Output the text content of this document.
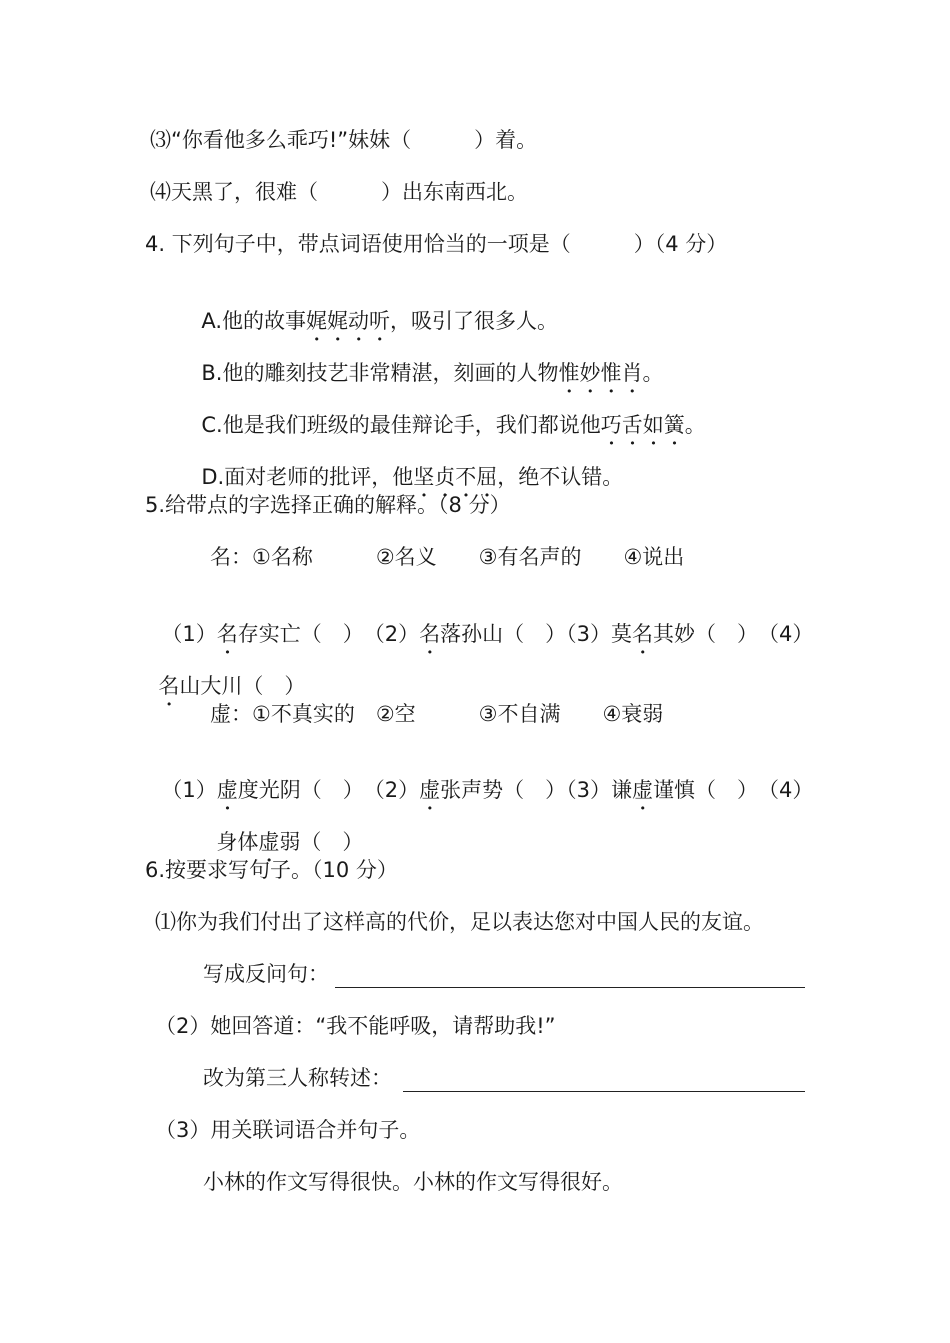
⑶“你看他多么乖巧!”妹妹（　　　）着。
⑷天黑了，很难（　　　）出东南西北。
4. 下列句子中，带点词语使用恰当的一项是（　　　）（4 分）

A.他的故事娓娓动听，吸引了很多人。

B.他的雕刻技艺非常精湛，刻画的人物惟妙惟肖。

C.他是我们班级的最佳辩论手，我们都说他巧舌如簧。

D.面对老师的批评，他坚贞不屈，绝不认错。

5.给带点的字选择正确的解释。（8 分）
名：①名称　　　②名义　　③有名声的　　④说出

（1）名存实亡（　）　（2）名落孙山（　）（3）莫名其妙（　）　（4）

名山大川（　）

虚：①不真实的　②空　　　③不自满　　④衰弱

（1）虚度光阴（　）　（2）虚张声势（　）（3）谦虚谨慎（　）　（4）

身体虚弱（　）

6.按要求写句子。（10 分）
⑴你为我们付出了这样高的代价，足以表达您对中国人民的友谊。
写成反问句：
（2）她回答道：“我不能呼吸，请帮助我!”
改为第三人称转述：
（3）用关联词语合并句子。
小林的作文写得很快。小林的作文写得很好。
